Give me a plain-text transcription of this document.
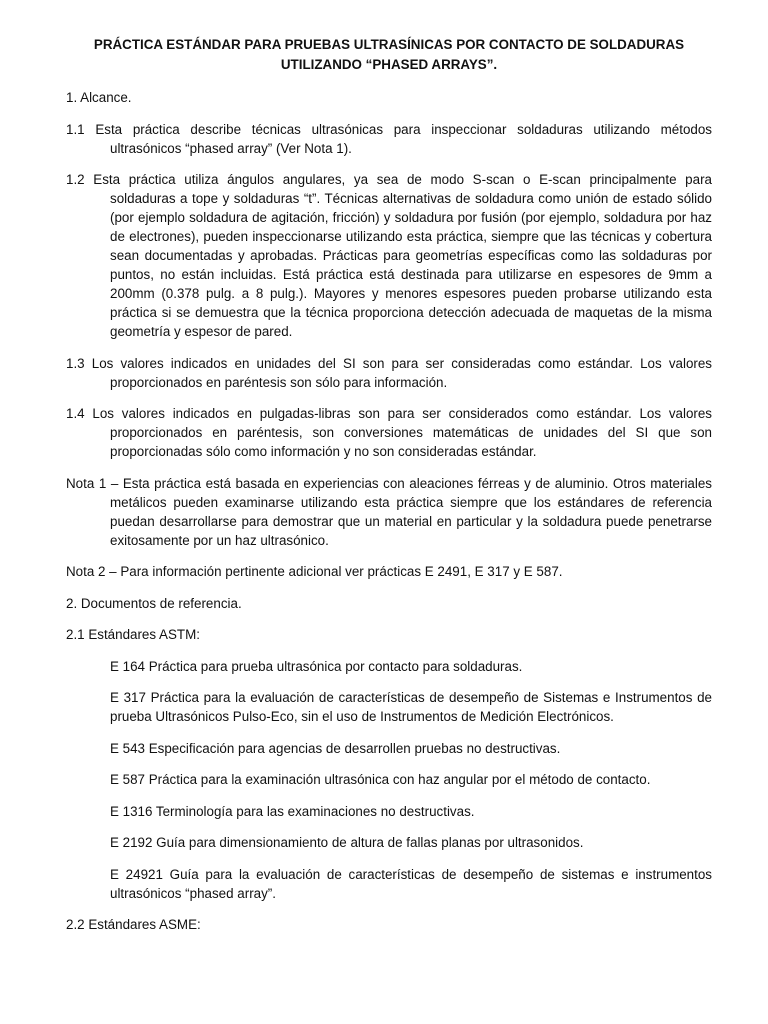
PRÁCTICA ESTÁNDAR PARA PRUEBAS ULTRASÍNICAS POR CONTACTO DE SOLDADURAS
UTILIZANDO “PHASED ARRAYS”.

1. Alcance.

1.1 Esta práctica describe técnicas ultrasónicas para inspeccionar soldaduras utilizando métodos ultrasónicos “phased array” (Ver Nota 1).

1.2 Esta práctica utiliza ángulos angulares, ya sea de modo S-scan o E-scan principalmente para soldaduras a tope y soldaduras “t”. Técnicas alternativas de soldadura como unión de estado sólido (por ejemplo soldadura de agitación, fricción) y soldadura por fusión (por ejemplo, soldadura por haz de electrones), pueden inspeccionarse utilizando esta práctica, siempre que las técnicas y cobertura sean documentadas y aprobadas. Prácticas para geometrías específicas como las soldaduras por puntos, no están incluidas. Está práctica está destinada para utilizarse en espesores de 9mm a 200mm (0.378 pulg. a 8 pulg.). Mayores y menores espesores pueden probarse utilizando esta práctica si se demuestra que la técnica proporciona detección adecuada de maquetas de la misma geometría y espesor de pared.

1.3 Los valores indicados en unidades del SI son para ser consideradas como estándar. Los valores proporcionados en paréntesis son sólo para información.

1.4 Los valores indicados en pulgadas-libras son para ser considerados como estándar. Los valores proporcionados en paréntesis, son conversiones matemáticas de unidades del SI que son proporcionadas sólo como información y no son consideradas estándar.

Nota 1 – Esta práctica está basada en experiencias con aleaciones férreas y de aluminio. Otros materiales metálicos pueden examinarse utilizando esta práctica siempre que los estándares de referencia puedan desarrollarse para demostrar que un material en particular y la soldadura puede penetrarse exitosamente por un haz ultrasónico.

Nota 2 – Para información pertinente adicional ver prácticas E 2491, E 317 y E 587.

2. Documentos de referencia.

2.1 Estándares ASTM:

E 164 Práctica para prueba ultrasónica por contacto para soldaduras.

E 317 Práctica para la evaluación de características de desempeño de Sistemas e Instrumentos de prueba Ultrasónicos Pulso-Eco, sin el uso de Instrumentos de Medición Electrónicos.

E 543 Especificación para agencias de desarrollen pruebas no destructivas.

E 587 Práctica para la examinación ultrasónica con haz angular por el método de contacto.

E 1316 Terminología para las examinaciones no destructivas.

E 2192 Guía para dimensionamiento de altura de fallas planas por ultrasonidos.

E 24921 Guía para la evaluación de características de desempeño de sistemas e instrumentos ultrasónicos “phased array”.

2.2 Estándares ASME:
